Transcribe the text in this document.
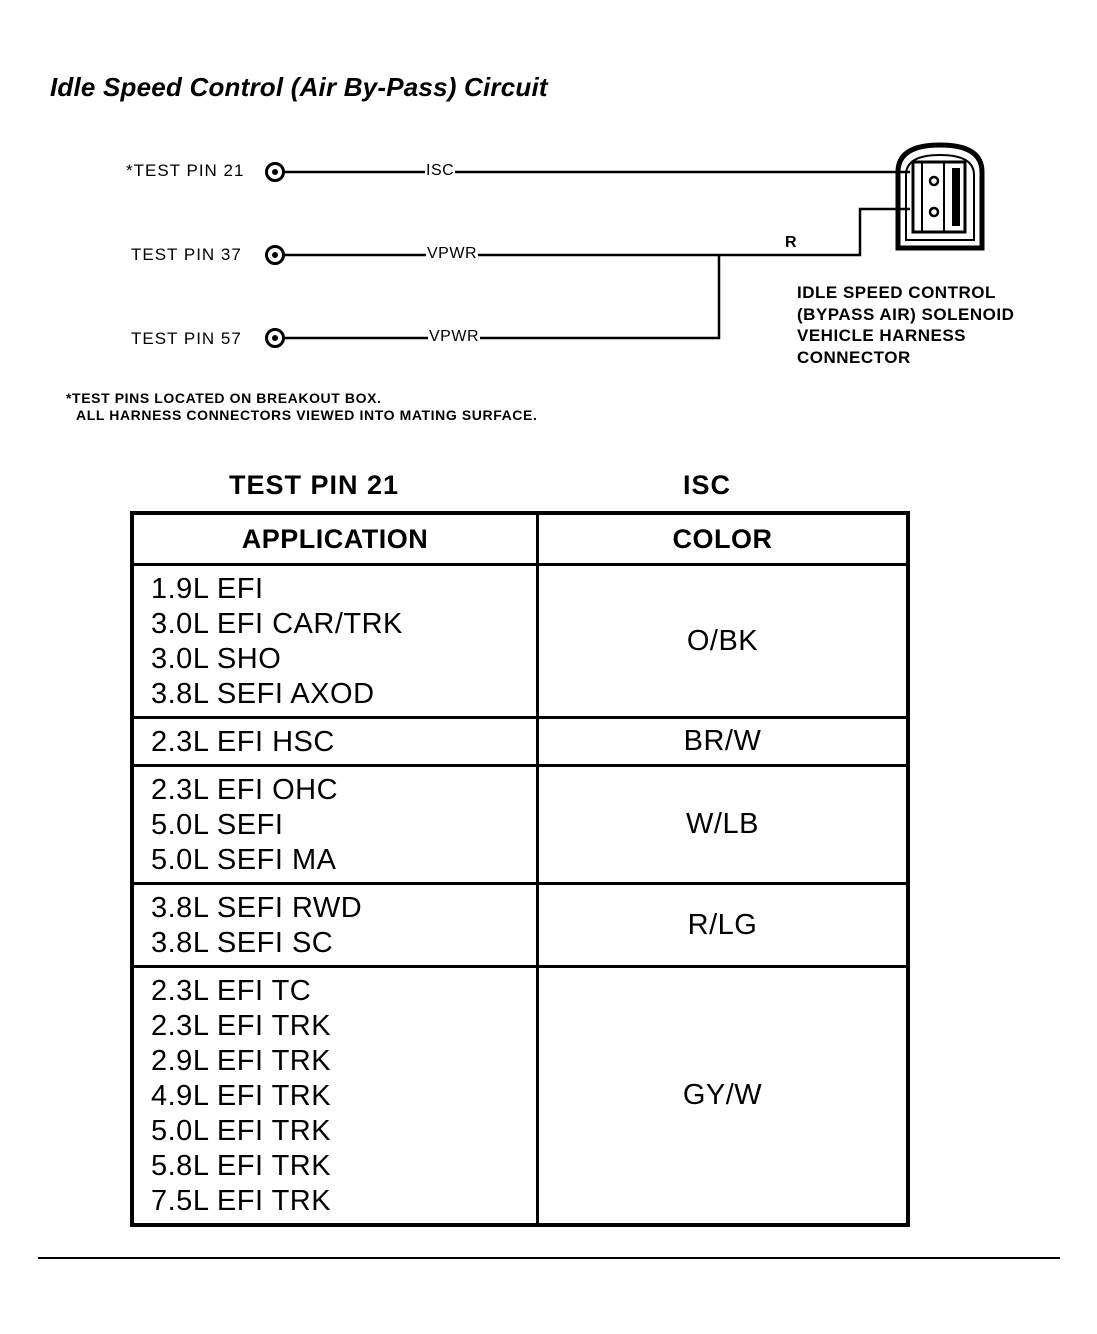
Idle Speed Control (Air By-Pass) Circuit
*TEST PIN 21
TEST PIN 37
TEST PIN 57
ISC
VPWR
VPWR
R
IDLE SPEED CONTROL
(BYPASS AIR) SOLENOID
VEHICLE HARNESS
CONNECTOR
*TEST PINS LOCATED ON BREAKOUT BOX.
ALL HARNESS CONNECTORS VIEWED INTO MATING SURFACE.
TEST PIN 21	ISC
APPLICATION	COLOR

1.9L EFI
3.0L EFI CAR/TRK
3.0L SHO
3.8L SEFI AXOD	O/BK

2.3L EFI HSC	BR/W

2.3L EFI OHC
5.0L SEFI
5.0L SEFI MA	W/LB

3.8L SEFI RWD
3.8L SEFI SC	R/LG

2.3L EFI TC
2.3L EFI TRK
2.9L EFI TRK
4.9L EFI TRK
5.0L EFI TRK
5.8L EFI TRK
7.5L EFI TRK
	GY/W
